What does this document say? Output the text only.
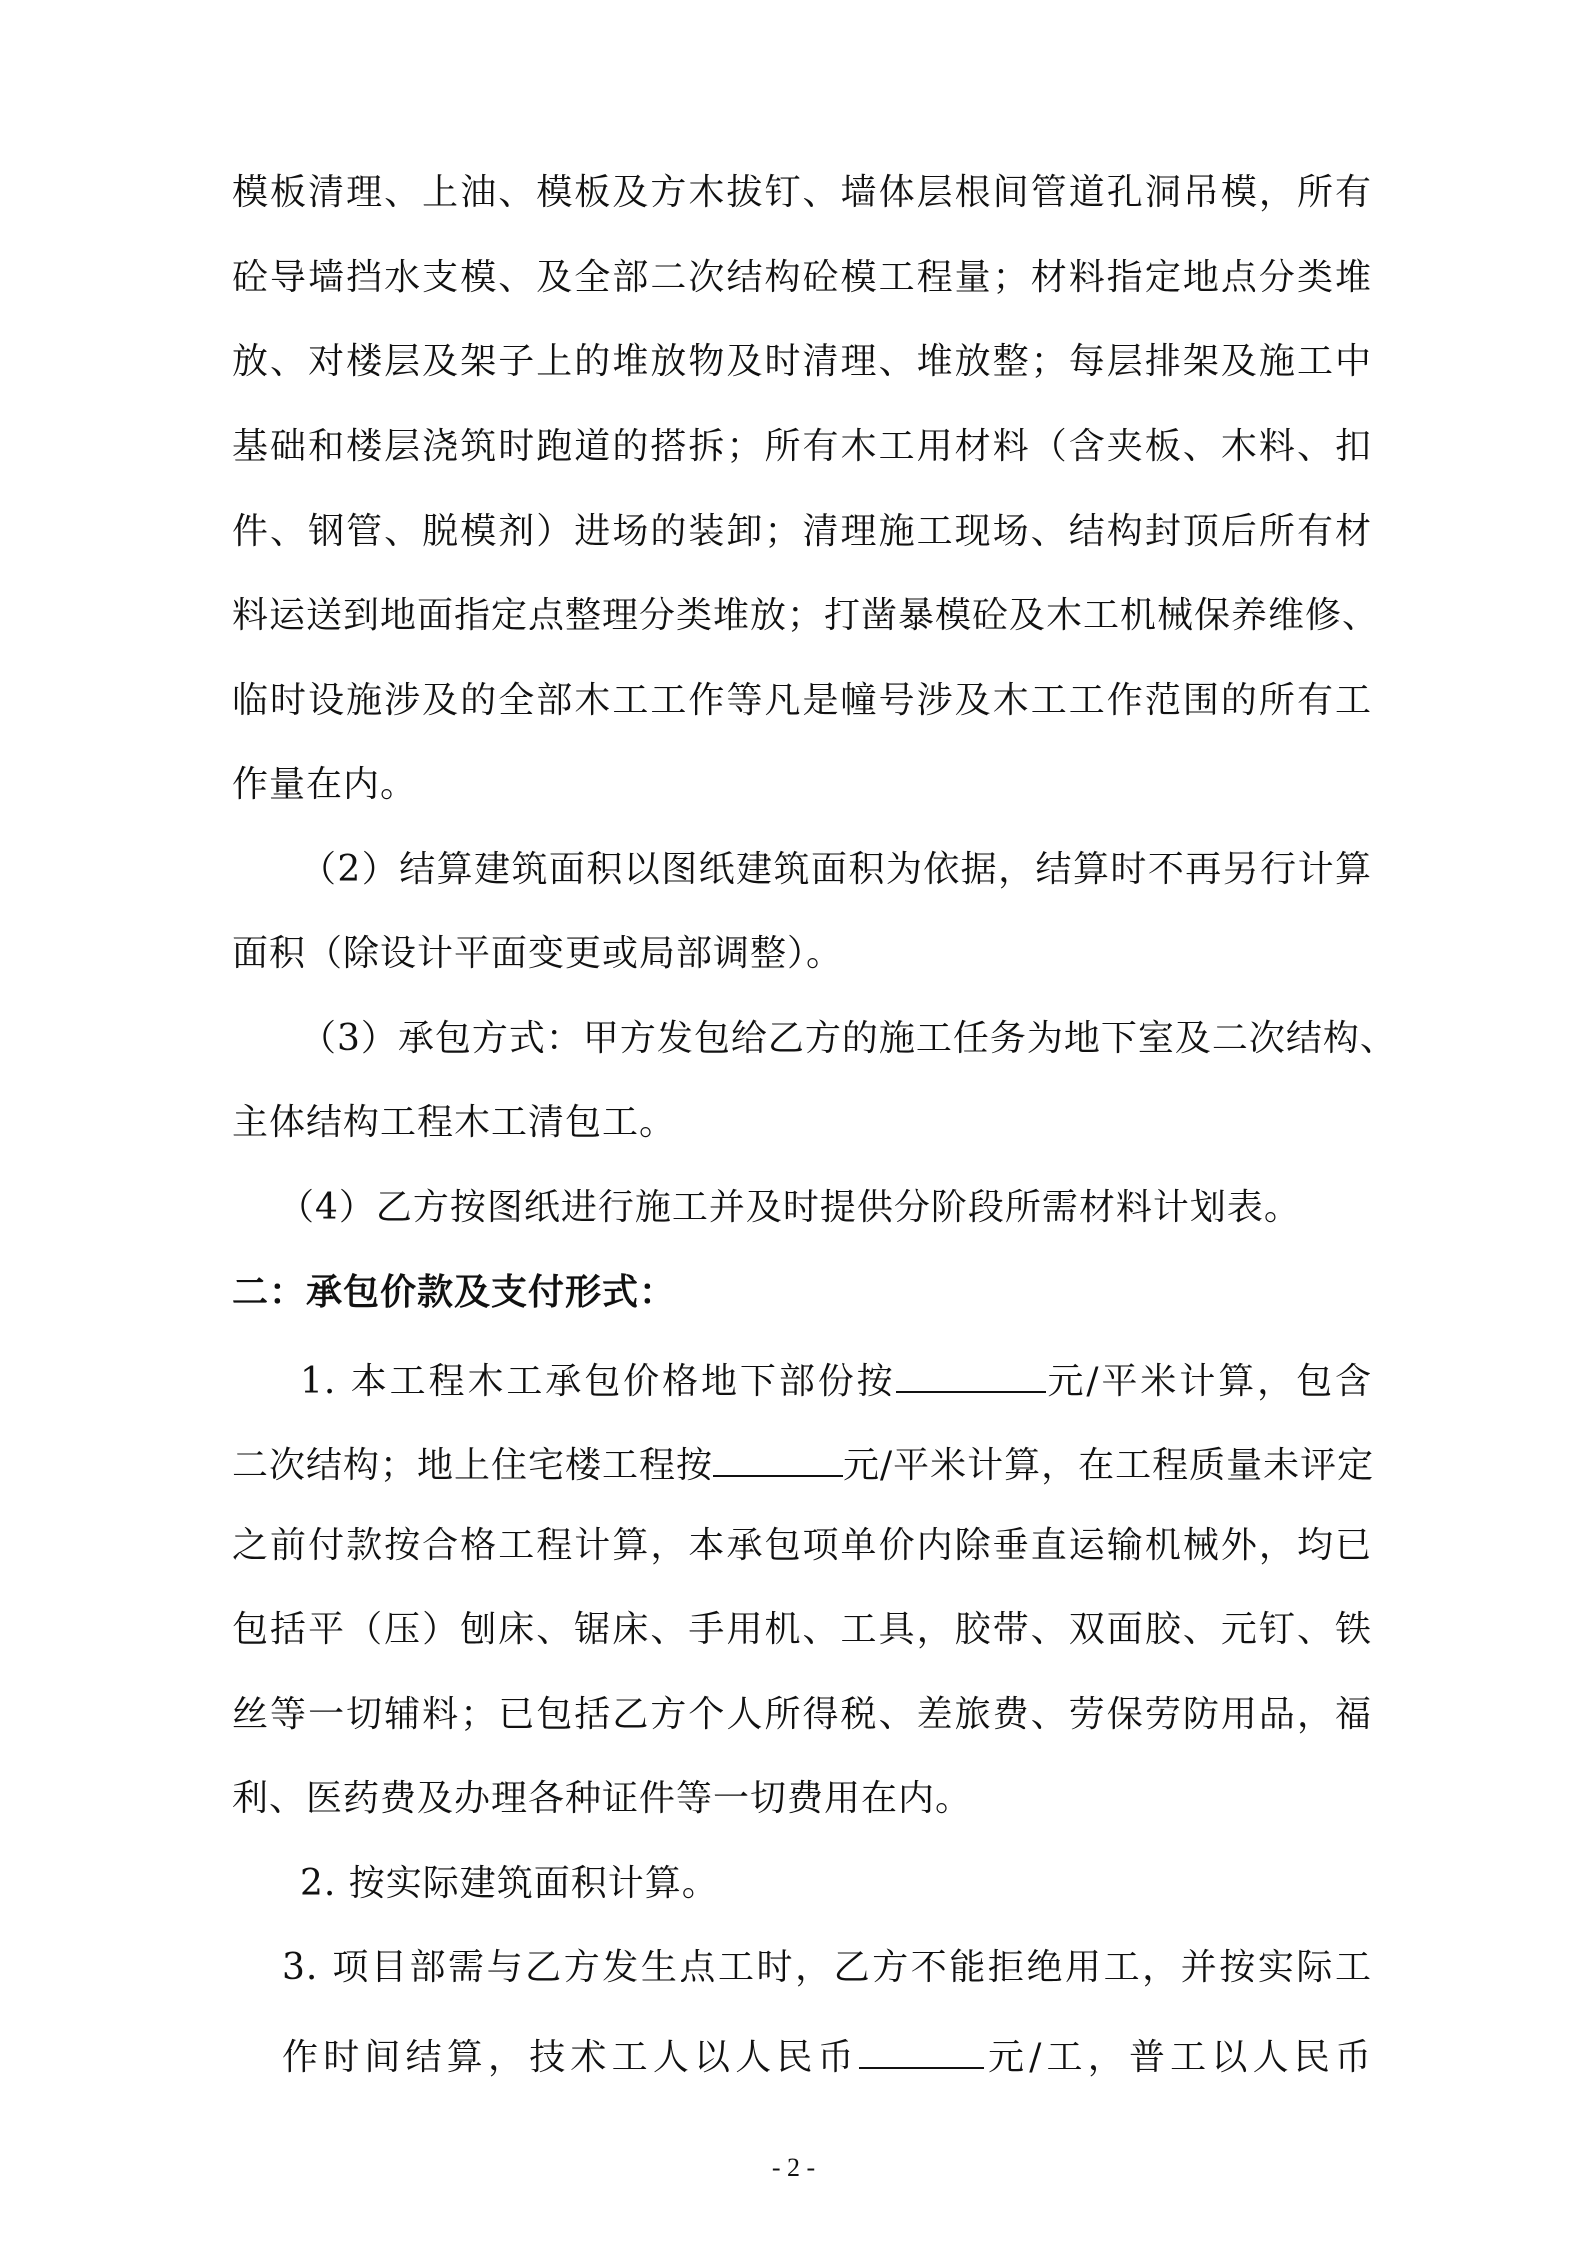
模板清理、上油、模板及方木拔钉、墙体层根间管道孔洞吊模，所有
砼导墙挡水支模、及全部二次结构砼模工程量；材料指定地点分类堆
放、对楼层及架子上的堆放物及时清理、堆放整；每层排架及施工中
基础和楼层浇筑时跑道的搭拆；所有木工用材料（含夹板、木料、扣
件、钢管、脱模剂）进场的装卸；清理施工现场、结构封顶后所有材
料运送到地面指定点整理分类堆放；打凿暴模砼及木工机械保养维修、
临时设施涉及的全部木工工作等凡是幢号涉及木工工作范围的所有工
作量在内。
（2）结算建筑面积以图纸建筑面积为依据，结算时不再另行计算
面积（除设计平面变更或局部调整）。
（3）承包方式：甲方发包给乙方的施工任务为地下室及二次结构、
主体结构工程木工清包工。
（4）乙方按图纸进行施工并及时提供分阶段所需材料计划表。
二：承包价款及支付形式：
1. 本工程木工承包价格地下部份按	元/平米计算，包含
二次结构；地上住宅楼工程按	元/平米计算，在工程质量未评定
之前付款按合格工程计算，本承包项单价内除垂直运输机械外，均已
包括平（压）刨床、锯床、手用机、工具，胶带、双面胶、元钉、铁
丝等一切辅料；已包括乙方个人所得税、差旅费、劳保劳防用品，福
利、医药费及办理各种证件等一切费用在内。
2. 按实际建筑面积计算。
3. 项目部需与乙方发生点工时，乙方不能拒绝用工，并按实际工
作时间结算，技术工人以人民币	元/工，普工以人民币
- 2 -
